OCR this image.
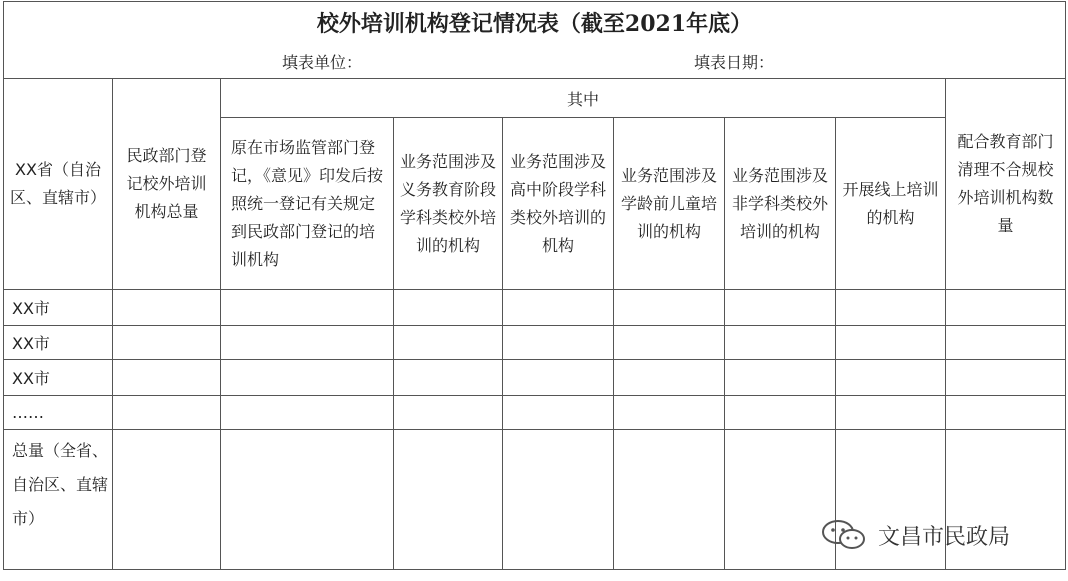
校外培训机构登记情况表（截至2021年底）								

填表单位： 填表日期：								

XX省（自治区、直辖市）	民政部门登记校外培训机构总量	其中						配合教育部门清理不合规校外培训机构数量
		原在市场监管部门登记，《意见》印发后按照统一登记有关规定到民政部门登记的培训机构	业务范围涉及义务教育阶段学科类校外培训的机构	业务范围涉及高中阶段学科类校外培训的机构	业务范围涉及学龄前儿童培训的机构	业务范围涉及非学科类校外培训的机构	开展线上培训的机构	
XX市								
XX市								
XX市								
……								
总量（全省、自治区、直辖市）								
文昌市民政局
